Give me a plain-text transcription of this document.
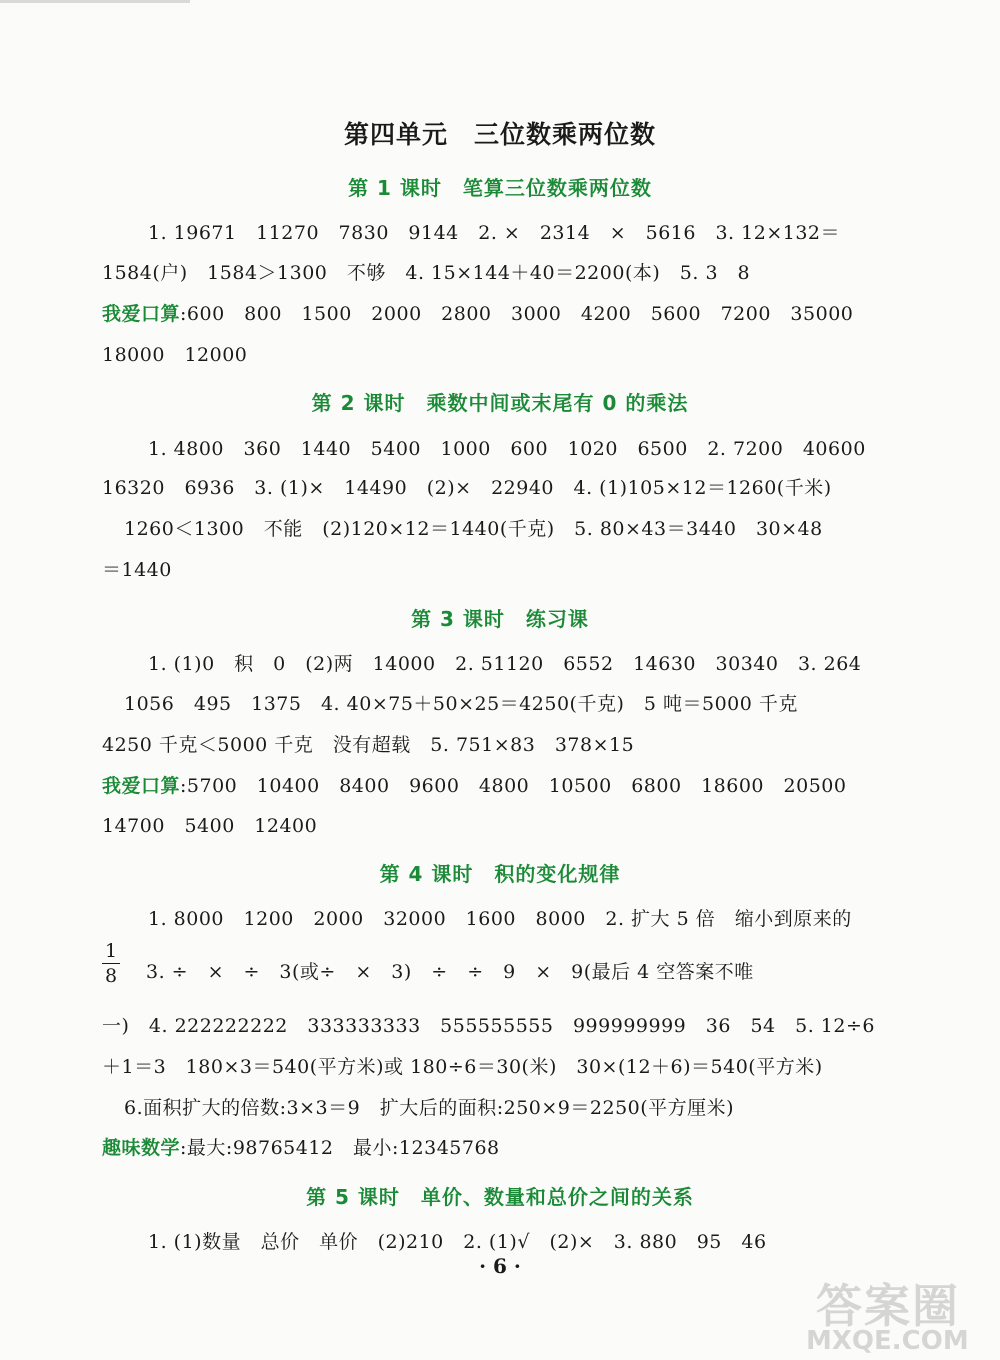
第四单元　三位数乘两位数
第 1 课时　笔算三位数乘两位数
1. 19671　11270　7830　9144　2. ×　2314　×　5616　3. 12×132＝
1584(户)　1584＞1300　不够　4. 15×144＋40＝2200(本)　5. 3　8
我爱口算:600　800　1500　2000　2800　3000　4200　5600　7200　35000
18000　12000
第 2 课时　乘数中间或末尾有 0 的乘法
1. 4800　360　1440　5400　1000　600　1020　6500　2. 7200　40600
16320　6936　3. (1)×　14490　(2)×　22940　4. (1)105×12＝1260(千米)
1260＜1300　不能　(2)120×12＝1440(千克)　5. 80×43＝3440　30×48
＝1440
第 3 课时　练习课
1. (1)0　积　0　(2)两　14000　2. 51120　6552　14630　30340　3. 264
1056　495　1375　4. 40×75＋50×25＝4250(千克)　5 吨＝5000 千克
4250 千克＜5000 千克　没有超载　5. 751×83　378×15
我爱口算:5700　10400　8400　9600　4800　10500　6800　18600　20500
14700　5400　12400
第 4 课时　积的变化规律
1. 8000　1200　2000　32000　1600　8000　2. 扩大 5 倍　缩小到原来的
1
8 3. ÷　×　÷　3(或÷　×　3)　÷　÷　9　×　9(最后 4 空答案不唯
一)　4. 222222222　333333333　555555555　999999999　36　54　5. 12÷6
＋1＝3　180×3＝540(平方米)或 180÷6＝30(米)　30×(12＋6)＝540(平方米)
6.面积扩大的倍数:3×3＝9　扩大后的面积:250×9＝2250(平方厘米)
趣味数学:最大:98765412　最小:12345768
第 5 课时　单价、数量和总价之间的关系
1. (1)数量　总价　单价　(2)210　2. (1)√　(2)×　3. 880　95　46
· 6 ·
答案圈
MXQE.COM
